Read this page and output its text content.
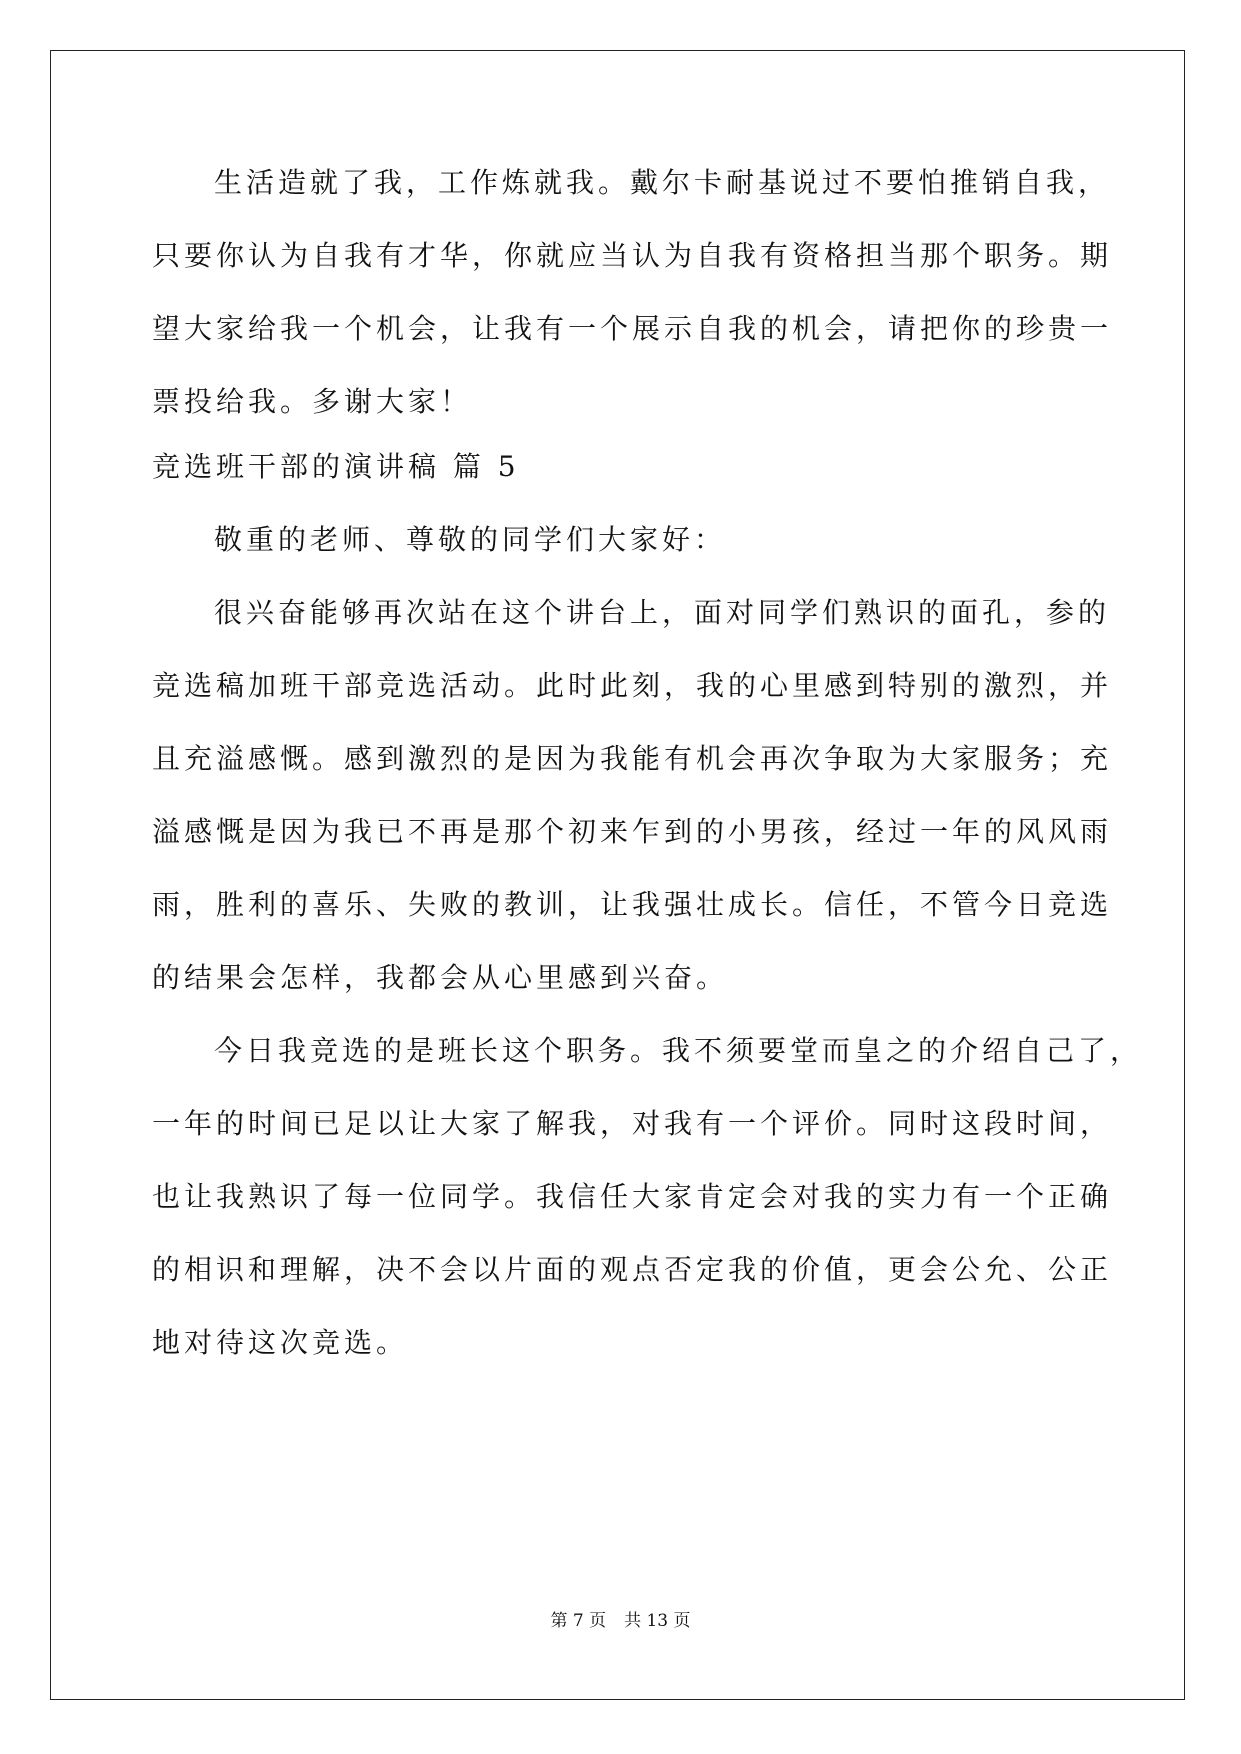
生活造就了我，工作炼就我。戴尔卡耐基说过不要怕推销自我，
只要你认为自我有才华，你就应当认为自我有资格担当那个职务。期
望大家给我一个机会，让我有一个展示自我的机会，请把你的珍贵一
票投给我。多谢大家！
竞选班干部的演讲稿 篇 5
敬重的老师、尊敬的同学们大家好：
很兴奋能够再次站在这个讲台上，面对同学们熟识的面孔，参的
竞选稿加班干部竞选活动。此时此刻，我的心里感到特别的激烈，并
且充溢感慨。感到激烈的是因为我能有机会再次争取为大家服务；充
溢感慨是因为我已不再是那个初来乍到的小男孩，经过一年的风风雨
雨，胜利的喜乐、失败的教训，让我强壮成长。信任，不管今日竞选
的结果会怎样，我都会从心里感到兴奋。
今日我竞选的是班长这个职务。我不须要堂而皇之的介绍自己了，
一年的时间已足以让大家了解我，对我有一个评价。同时这段时间，
也让我熟识了每一位同学。我信任大家肯定会对我的实力有一个正确
的相识和理解，决不会以片面的观点否定我的价值，更会公允、公正
地对待这次竞选。
第 7 页 共 13 页
